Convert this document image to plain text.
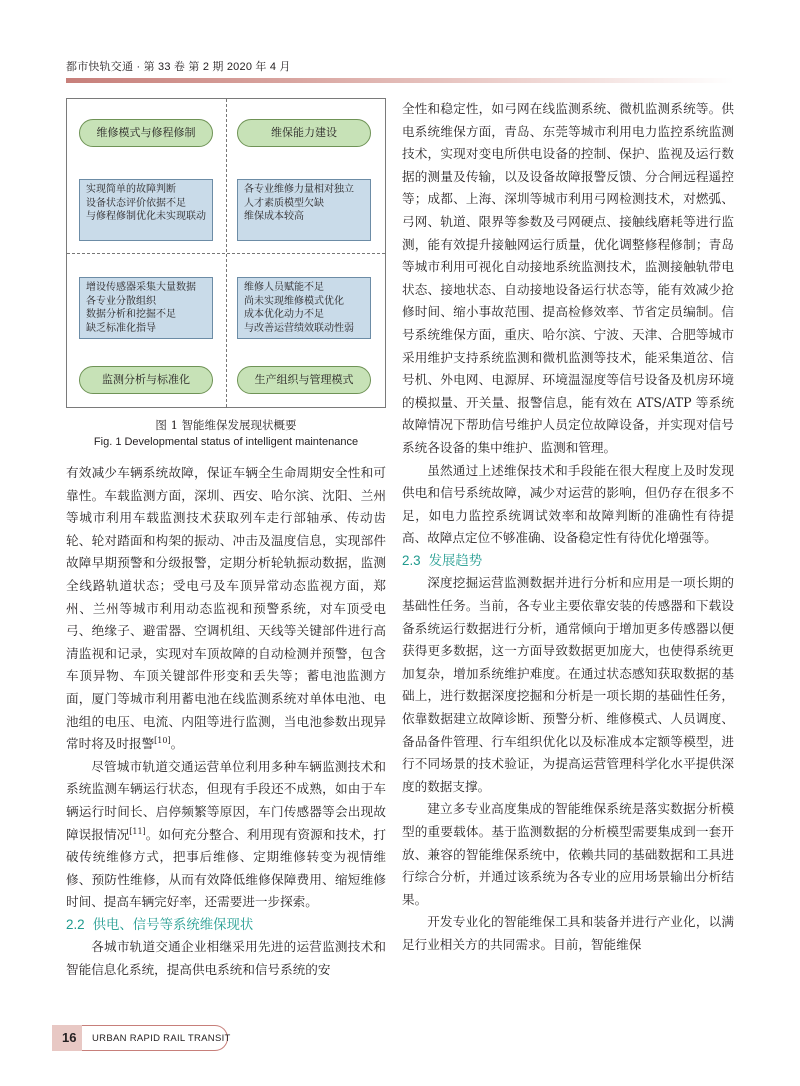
都市快轨交通 · 第 33 卷 第 2 期 2020 年 4 月
维修模式与修程修制	维保能力建设
实现简单的故障判断
设备状态评价依据不足
与修程修制优化未实现联动
各专业维修力量相对独立
人才素质模型欠缺
维保成本较高
增设传感器采集大量数据
各专业分散组织
数据分析和挖掘不足
缺乏标准化指导
维修人员赋能不足
尚未实现维修模式优化
成本优化动力不足
与改善运营绩效联动性弱
监测分析与标准化	生产组织与管理模式
图 1 智能维保发展现状概要
Fig. 1 Developmental status of intelligent maintenance

有效减少车辆系统故障，保证车辆全生命周期安全性和可靠性。车载监测方面，深圳、西安、哈尔滨、沈阳、兰州等城市利用车载监测技术获取列车走行部轴承、传动齿轮、轮对踏面和构架的振动、冲击及温度信息，实现部件故障早期预警和分级报警，定期分析轮轨振动数据，监测全线路轨道状态；受电弓及车顶异常动态监视方面，郑州、兰州等城市利用动态监视和预警系统，对车顶受电弓、绝缘子、避雷器、空调机组、天线等关键部件进行高清监视和记录，实现对车顶故障的自动检测并预警，包含车顶异物、车顶关键部件形变和丢失等；蓄电池监测方面，厦门等城市利用蓄电池在线监测系统对单体电池、电池组的电压、电流、内阻等进行监测，当电池参数出现异常时将及时报警[10]。

尽管城市轨道交通运营单位利用多种车辆监测技术和系统监测车辆运行状态，但现有手段还不成熟，如由于车辆运行时间长、启停频繁等原因，车门传感器等会出现故障误报情况[11]。如何充分整合、利用现有资源和技术，打破传统维修方式，把事后维修、定期维修转变为视情维修、预防性维修，从而有效降低维修保障费用、缩短维修时间、提高车辆完好率，还需要进一步探索。

2.2 供电、信号等系统维保现状

各城市轨道交通企业相继采用先进的运营监测技术和智能信息化系统，提高供电系统和信号系统的安

全性和稳定性，如弓网在线监测系统、微机监测系统等。供电系统维保方面，青岛、东莞等城市利用电力监控系统监测技术，实现对变电所供电设备的控制、保护、监视及运行数据的测量及传输，以及设备故障报警反馈、分合闸远程遥控等；成都、上海、深圳等城市利用弓网检测技术，对燃弧、弓网、轨道、限界等参数及弓网硬点、接触线磨耗等进行监测，能有效提升接触网运行质量，优化调整修程修制；青岛等城市利用可视化自动接地系统监测技术，监测接触轨带电状态、接地状态、自动接地设备运行状态等，能有效减少抢修时间、缩小事故范围、提高检修效率、节省定员编制。信号系统维保方面，重庆、哈尔滨、宁波、天津、合肥等城市采用维护支持系统监测和微机监测等技术，能采集道岔、信号机、外电网、电源屏、环境温湿度等信号设备及机房环境的模拟量、开关量、报警信息，能有效在 ATS/ATP 等系统故障情况下帮助信号维护人员定位故障设备，并实现对信号系统各设备的集中维护、监测和管理。

虽然通过上述维保技术和手段能在很大程度上及时发现供电和信号系统故障，减少对运营的影响，但仍存在很多不足，如电力监控系统调试效率和故障判断的准确性有待提高、故障点定位不够准确、设备稳定性有待优化增强等。

2.3 发展趋势

深度挖掘运营监测数据并进行分析和应用是一项长期的基础性任务。当前，各专业主要依靠安装的传感器和下载设备系统运行数据进行分析，通常倾向于增加更多传感器以便获得更多数据，这一方面导致数据更加庞大，也使得系统更加复杂，增加系统维护难度。在通过状态感知获取数据的基础上，进行数据深度挖掘和分析是一项长期的基础性任务，依靠数据建立故障诊断、预警分析、维修模式、人员调度、备品备件管理、行车组织优化以及标准成本定额等模型，进行不同场景的技术验证，为提高运营管理科学化水平提供深度的数据支撑。

建立多专业高度集成的智能维保系统是落实数据分析模型的重要载体。基于监测数据的分析模型需要集成到一套开放、兼容的智能维保系统中，依赖共同的基础数据和工具进行综合分析，并通过该系统为各专业的应用场景输出分析结果。

开发专业化的智能维保工具和装备并进行产业化，以满足行业相关方的共同需求。目前，智能维保

16 URBAN RAPID RAIL TRANSIT
